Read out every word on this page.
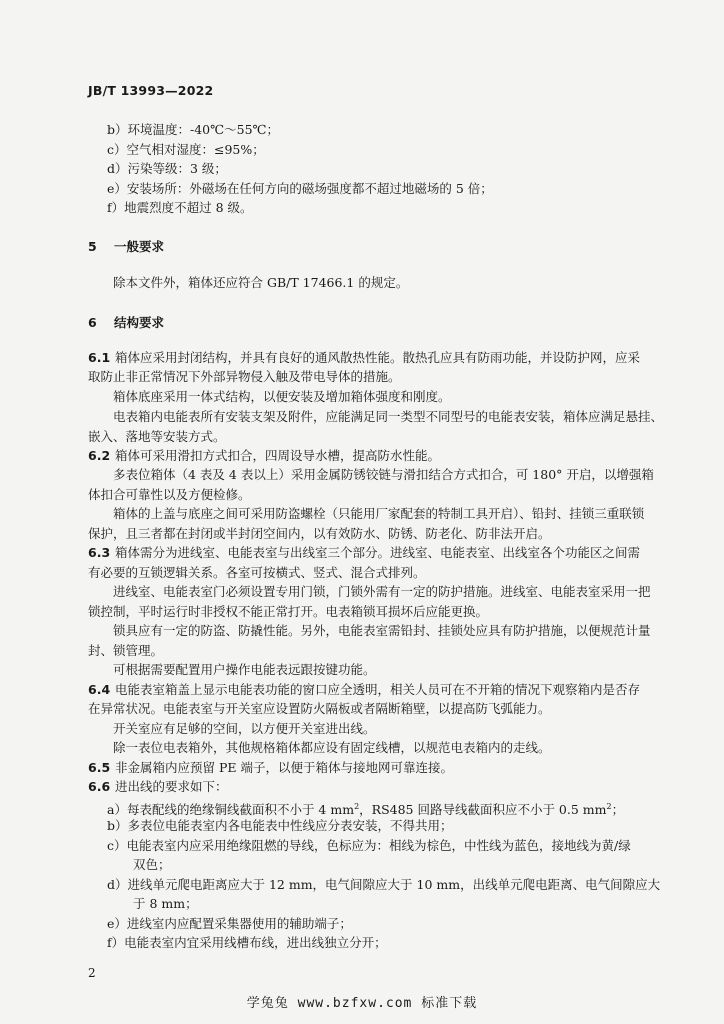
JB/T 13993—2022
b）环境温度：-40℃～55℃；
c）空气相对湿度：≤95%；
d）污染等级：3 级；
e）安装场所：外磁场在任何方向的磁场强度都不超过地磁场的 5 倍；
f）地震烈度不超过 8 级。
5 一般要求
除本文件外，箱体还应符合 GB/T 17466.1 的规定。
6 结构要求
6.1 箱体应采用封闭结构，并具有良好的通风散热性能。散热孔应具有防雨功能，并设防护网，应采
取防止非正常情况下外部异物侵入触及带电导体的措施。
箱体底座采用一体式结构，以便安装及增加箱体强度和刚度。
电表箱内电能表所有安装支架及附件，应能满足同一类型不同型号的电能表安装，箱体应满足悬挂、
嵌入、落地等安装方式。
6.2 箱体可采用滑扣方式扣合，四周设导水槽，提高防水性能。
多表位箱体（4 表及 4 表以上）采用金属防锈铰链与滑扣结合方式扣合，可 180° 开启，以增强箱
体扣合可靠性以及方便检修。
箱体的上盖与底座之间可采用防盗螺栓（只能用厂家配套的特制工具开启）、铅封、挂锁三重联锁
保护，且三者都在封闭或半封闭空间内，以有效防水、防锈、防老化、防非法开启。
6.3 箱体需分为进线室、电能表室与出线室三个部分。进线室、电能表室、出线室各个功能区之间需
有必要的互锁逻辑关系。各室可按横式、竖式、混合式排列。
进线室、电能表室门必须设置专用门锁，门锁外需有一定的防护措施。进线室、电能表室采用一把
锁控制，平时运行时非授权不能正常打开。电表箱锁耳损坏后应能更换。
锁具应有一定的防盗、防撬性能。另外，电能表室需铅封、挂锁处应具有防护措施，以便规范计量
封、锁管理。
可根据需要配置用户操作电能表远跟按键功能。
6.4 电能表室箱盖上显示电能表功能的窗口应全透明，相关人员可在不开箱的情况下观察箱内是否存
在异常状况。电能表室与开关室应设置防火隔板或者隔断箱壁，以提高防飞弧能力。
开关室应有足够的空间，以方便开关室进出线。
除一表位电表箱外，其他规格箱体都应设有固定线槽，以规范电表箱内的走线。
6.5 非金属箱内应预留 PE 端子，以便于箱体与接地网可靠连接。
6.6 进出线的要求如下：
a）每表配线的绝缘铜线截面积不小于 4 $mm^2$，RS485 回路导线截面积应不小于 0.5 $mm^2$；
b）多表位电能表室内各电能表中性线应分表安装，不得共用；
c）电能表室内应采用绝缘阻燃的导线，色标应为：相线为棕色，中性线为蓝色，接地线为黄/绿
双色；
d）进线单元爬电距离应大于 12 mm，电气间隙应大于 10 mm，出线单元爬电距离、电气间隙应大
于 8 mm；
e）进线室内应配置采集器使用的辅助端子；
f）电能表室内宜采用线槽布线，进出线独立分开；
2
学兔兔 www.bzfxw.com 标准下载
